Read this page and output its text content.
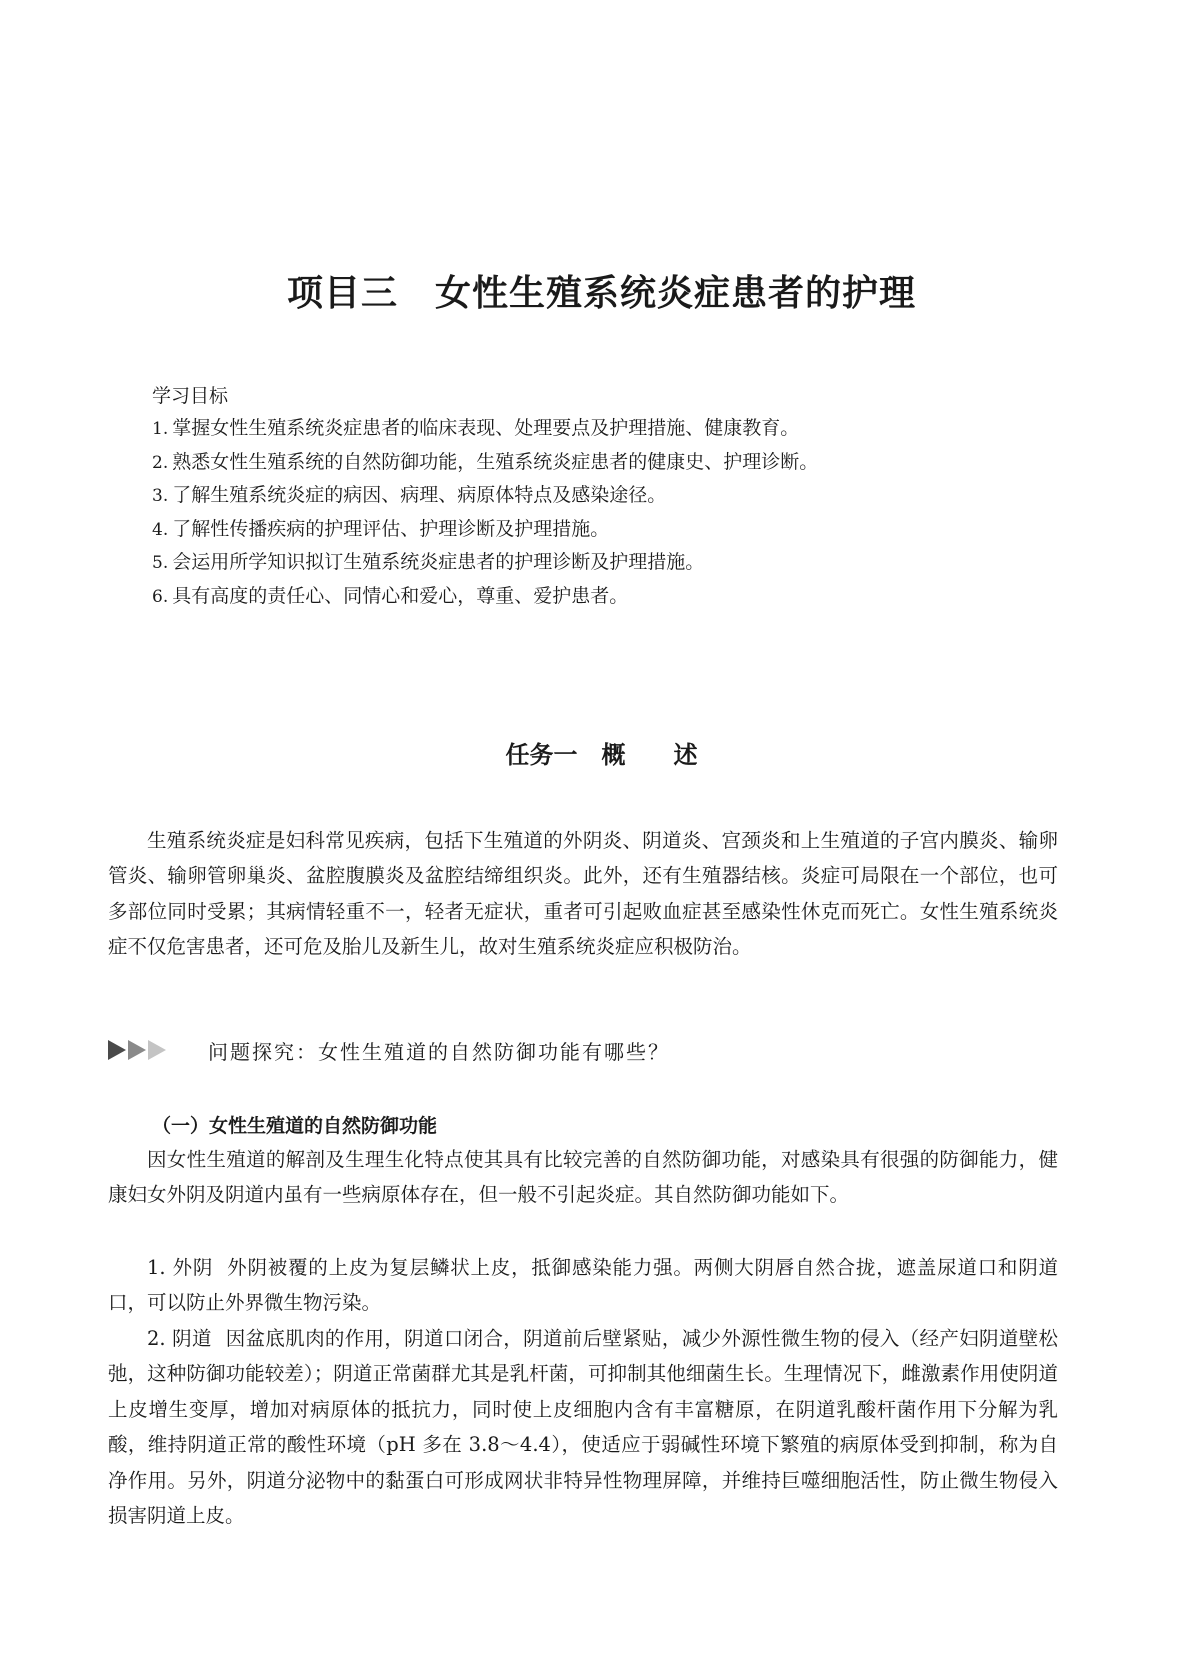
项目三　女性生殖系统炎症患者的护理

学习目标

1. 掌握女性生殖系统炎症患者的临床表现、处理要点及护理措施、健康教育。
2. 熟悉女性生殖系统的自然防御功能，生殖系统炎症患者的健康史、护理诊断。
3. 了解生殖系统炎症的病因、病理、病原体特点及感染途径。
4. 了解性传播疾病的护理评估、护理诊断及护理措施。
5. 会运用所学知识拟订生殖系统炎症患者的护理诊断及护理措施。
6. 具有高度的责任心、同情心和爱心，尊重、爱护患者。
任务一　概　　述

生殖系统炎症是妇科常见疾病，包括下生殖道的外阴炎、阴道炎、宫颈炎和上生殖道的子宫内膜炎、输卵管炎、输卵管卵巢炎、盆腔腹膜炎及盆腔结缔组织炎。此外，还有生殖器结核。炎症可局限在一个部位，也可多部位同时受累；其病情轻重不一，轻者无症状，重者可引起败血症甚至感染性休克而死亡。女性生殖系统炎症不仅危害患者，还可危及胎儿及新生儿，故对生殖系统炎症应积极防治。

问题探究：女性生殖道的自然防御功能有哪些？
（一）女性生殖道的自然防御功能

因女性生殖道的解剖及生理生化特点使其具有比较完善的自然防御功能，对感染具有很强的防御能力，健康妇女外阴及阴道内虽有一些病原体存在，但一般不引起炎症。其自然防御功能如下。

1. 外阴 外阴被覆的上皮为复层鳞状上皮，抵御感染能力强。两侧大阴唇自然合拢，遮盖尿道口和阴道口，可以防止外界微生物污染。

2. 阴道 因盆底肌肉的作用，阴道口闭合，阴道前后壁紧贴，减少外源性微生物的侵入（经产妇阴道壁松弛，这种防御功能较差）；阴道正常菌群尤其是乳杆菌，可抑制其他细菌生长。生理情况下，雌激素作用使阴道上皮增生变厚，增加对病原体的抵抗力，同时使上皮细胞内含有丰富糖原，在阴道乳酸杆菌作用下分解为乳酸，维持阴道正常的酸性环境（pH 多在 3.8～4.4），使适应于弱碱性环境下繁殖的病原体受到抑制，称为自净作用。另外，阴道分泌物中的黏蛋白可形成网状非特异性物理屏障，并维持巨噬细胞活性，防止微生物侵入损害阴道上皮。
